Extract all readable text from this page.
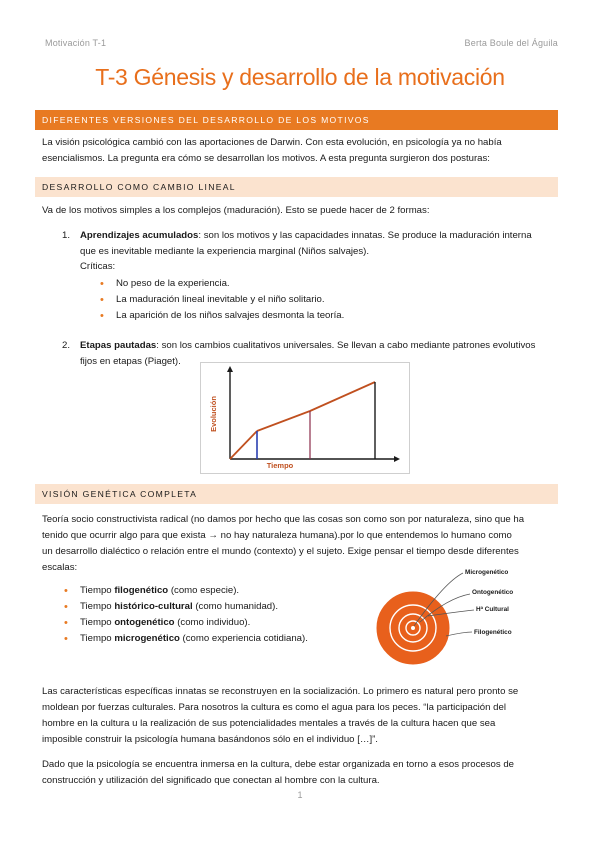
Motivación T-1	Berta Boule del Águila
T-3 Génesis y desarrollo de la motivación
DIFERENTES VERSIONES DEL DESARROLLO DE LOS MOTIVOS
La visión psicológica cambió con las aportaciones de Darwin. Con esta evolución, en psicología ya no había
esencialismos. La pregunta era cómo se desarrollan los motivos. A esta pregunta surgieron dos posturas:
DESARROLLO COMO CAMBIO LINEAL
Va de los motivos simples a los complejos (maduración). Esto se puede hacer de 2 formas:
1. Aprendizajes acumulados: son los motivos y las capacidades innatas. Se produce la maduración interna
que es inevitable mediante la experiencia marginal (Niños salvajes).
Críticas:
• No peso de la experiencia.
• La maduración lineal inevitable y el niño solitario.
• La aparición de los niños salvajes desmonta la teoría.
2. Etapas pautadas: son los cambios cualitativos universales. Se llevan a cabo mediante patrones evolutivos
fijos en etapas (Piaget).
Evolución
Tiempo
VISIÓN GENÉTICA COMPLETA
Teoría socio constructivista radical (no damos por hecho que las cosas son como son por naturaleza, sino que ha
tenido que ocurrir algo para que exista → no hay naturaleza humana).por lo que entendemos lo humano como
un desarrollo dialéctico o relación entre el mundo (contexto) y el sujeto. Exige pensar el tiempo desde diferentes
escalas:
• Tiempo filogenético (como especie).
• Tiempo histórico-cultural (como humanidad).
• Tiempo ontogenético (como individuo).
• Tiempo microgenético (como experiencia cotidiana).
Microgenético
Ontogenético
Hª Cultural
Filogenético
Las características específicas innatas se reconstruyen en la socialización. Lo primero es natural pero pronto se
moldean por fuerzas culturales. Para nosotros la cultura es como el agua para los peces. “la participación del
hombre en la cultura u la realización de sus potencialidades mentales a través de la cultura hacen que sea
imposible construir la psicología humana basándonos sólo en el individuo […]”.
Dado que la psicología se encuentra inmersa en la cultura, debe estar organizada en torno a esos procesos de
construcción y utilización del significado que conectan al hombre con la cultura.
1
